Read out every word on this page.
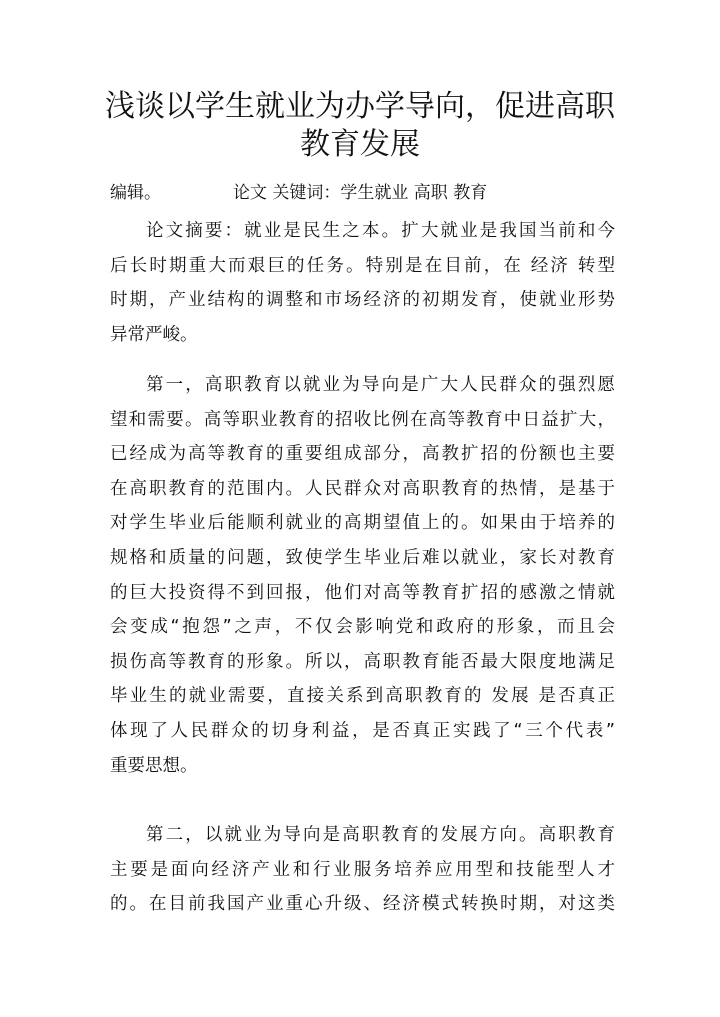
浅谈以学生就业为办学导向，促进高职
教育发展
编辑。	论文 关键词：学生就业 高职 教育
论文摘要：就业是民生之本。扩大就业是我国当前和今
后长时期重大而艰巨的任务。特别是在目前，在 经济 转型
时期，产业结构的调整和市场经济的初期发育，使就业形势
异常严峻。
第一，高职教育以就业为导向是广大人民群众的强烈愿
望和需要。高等职业教育的招收比例在高等教育中日益扩大，
已经成为高等教育的重要组成部分，高教扩招的份额也主要
在高职教育的范围内。人民群众对高职教育的热情，是基于
对学生毕业后能顺利就业的高期望值上的。如果由于培养的
规格和质量的问题，致使学生毕业后难以就业，家长对教育
的巨大投资得不到回报，他们对高等教育扩招的感激之情就
会变成“抱怨”之声，不仅会影响党和政府的形象，而且会
损伤高等教育的形象。所以，高职教育能否最大限度地满足
毕业生的就业需要，直接关系到高职教育的 发展 是否真正
体现了人民群众的切身利益，是否真正实践了“三个代表”
重要思想。
第二，以就业为导向是高职教育的发展方向。高职教育
主要是面向经济产业和行业服务培养应用型和技能型人才
的。在目前我国产业重心升级、经济模式转换时期，对这类
